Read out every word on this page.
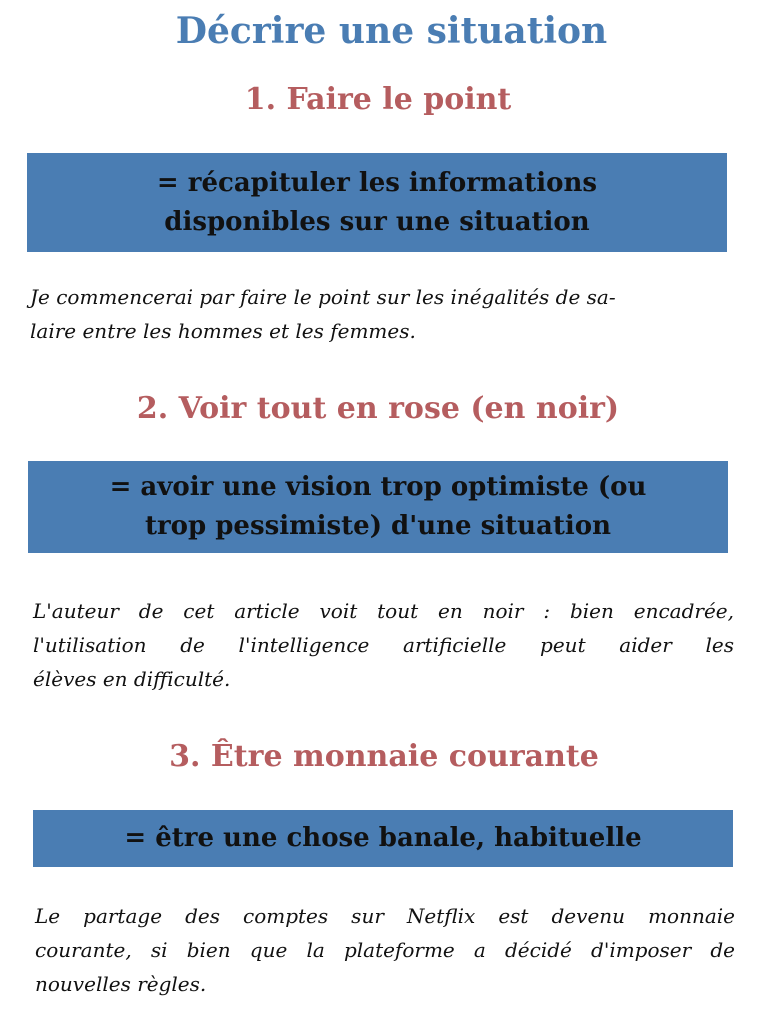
Décrire une situation
1. Faire le point
= récapituler les informations
disponibles sur une situation
Je commencerai par faire le point sur les inégalités de sa-
laire entre les hommes et les femmes.
2. Voir tout en rose (en noir)
= avoir une vision trop optimiste (ou
trop pessimiste) d'une situation
L'auteur de cet article voit tout en noir : bien encadrée,
l'utilisation de l'intelligence artificielle peut aider les
élèves en difficulté.
3. Être monnaie courante
= être une chose banale, habituelle
Le partage des comptes sur Netflix est devenu monnaie
courante, si bien que la plateforme a décidé d'imposer de
nouvelles règles.
